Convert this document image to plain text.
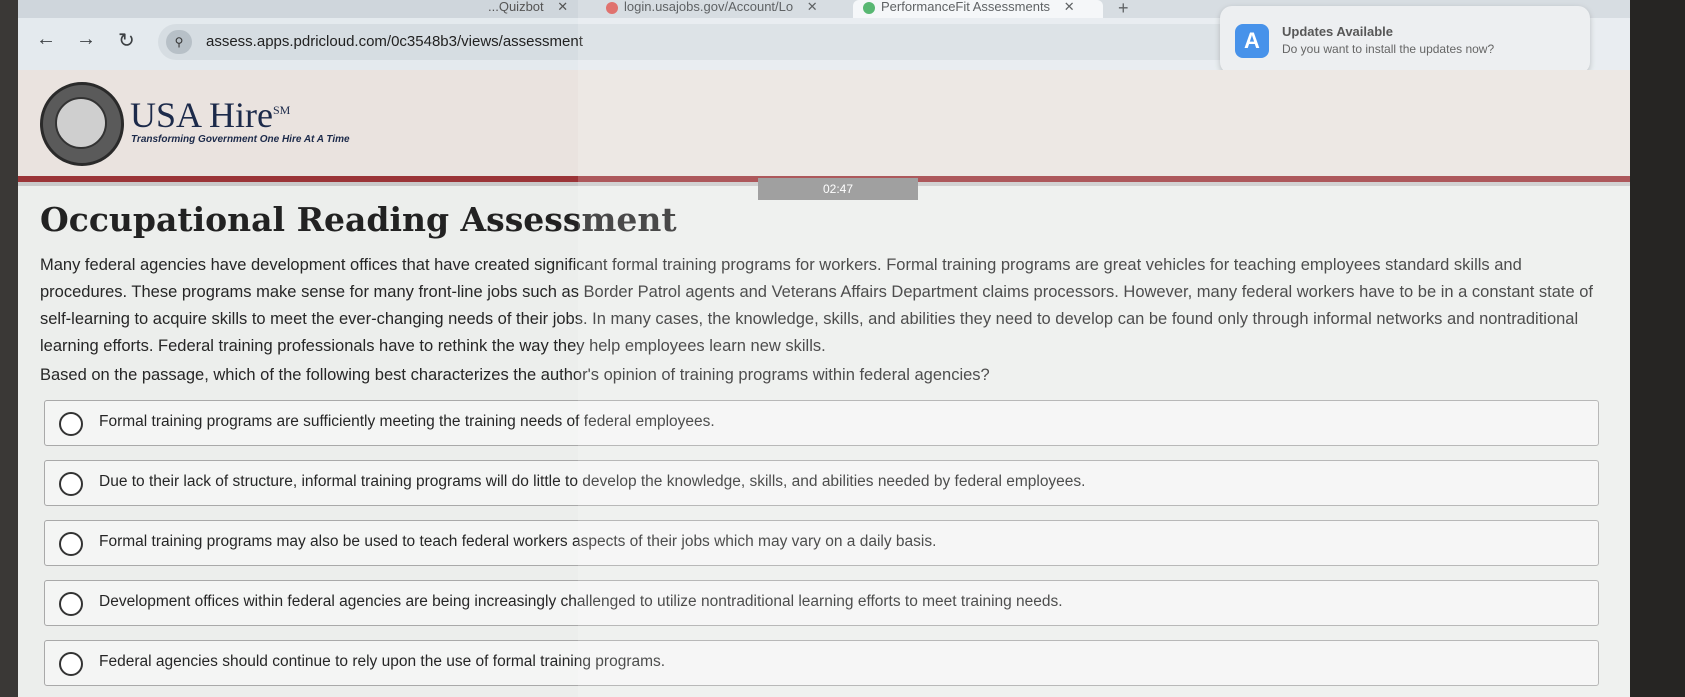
...Quizbot ✕	login.usajobs.gov/Account/Lo ✕	PerformanceFit Assessments ✕	+
← → ↻	⚲	assess.apps.pdricloud.com/0c3548b3/views/assessment	A	Updates Available
Do you want to install the updates now?
USA Hire℠
Transforming Government One Hire At A Time
02:47
Occupational Reading Assessment
Many federal agencies have development offices that have created significant formal training programs for workers. Formal training programs are great vehicles for teaching employees standard skills and procedures. These programs make sense for many front-line jobs such as Border Patrol agents and Veterans Affairs Department claims processors. However, many federal workers have to be in a constant state of self-learning to acquire skills to meet the ever-changing needs of their jobs. In many cases, the knowledge, skills, and abilities they need to develop can be found only through informal networks and nontraditional learning efforts. Federal training professionals have to rethink the way they help employees learn new skills.
Based on the passage, which of the following best characterizes the author's opinion of training programs within federal agencies?
Formal training programs are sufficiently meeting the training needs of federal employees.
Due to their lack of structure, informal training programs will do little to develop the knowledge, skills, and abilities needed by federal employees.
Formal training programs may also be used to teach federal workers aspects of their jobs which may vary on a daily basis.
Development offices within federal agencies are being increasingly challenged to utilize nontraditional learning efforts to meet training needs.
Federal agencies should continue to rely upon the use of formal training programs.
